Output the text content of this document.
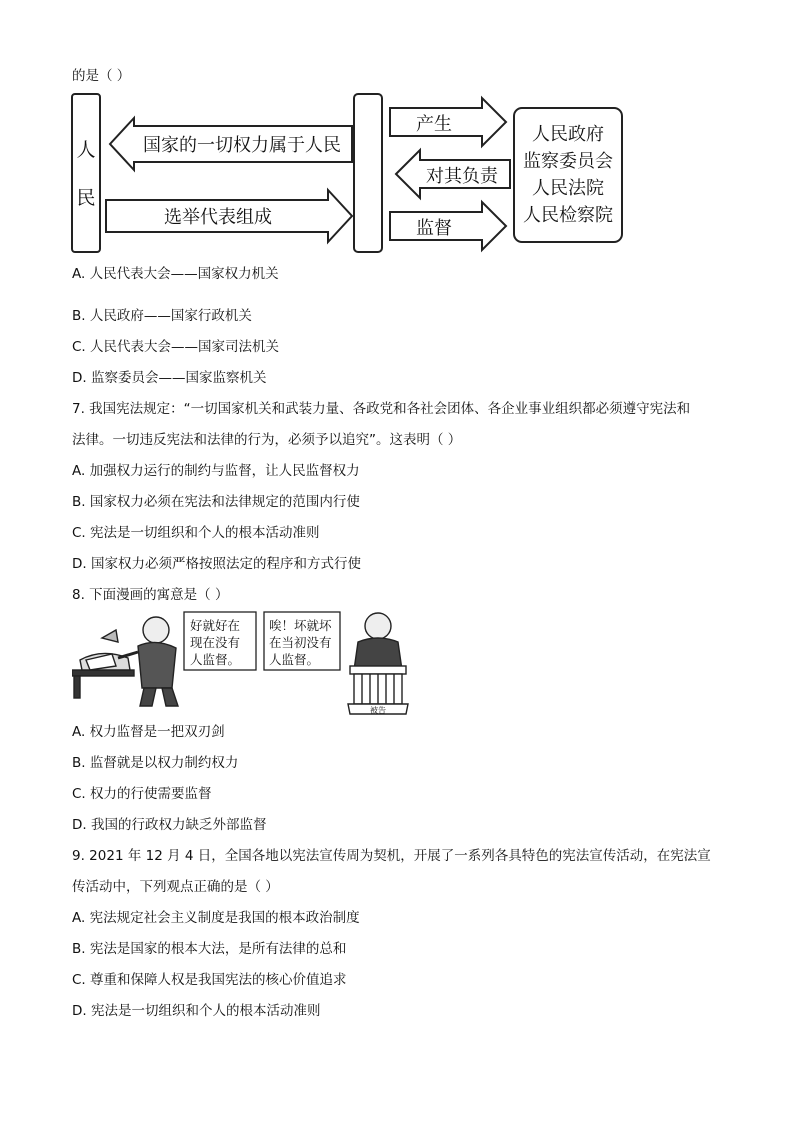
的是（ ）
人
民
国家的一切权力属于人民
选举代表组成
产生
对其负责
监督
人民政府
监察委员会
人民法院
人民检察院
A. 人民代表大会——国家权力机关
B. 人民政府——国家行政机关
C. 人民代表大会——国家司法机关
D. 监察委员会——国家监察机关
7. 我国宪法规定：“一切国家机关和武装力量、各政党和各社会团体、各企业事业组织都必须遵守宪法和
法律。一切违反宪法和法律的行为，必须予以追究”。这表明（ ）
A. 加强权力运行的制约与监督，让人民监督权力
B. 国家权力必须在宪法和法律规定的范围内行使
C. 宪法是一切组织和个人的根本活动准则
D. 国家权力必须严格按照法定的程序和方式行使
8. 下面漫画的寓意是（ ）
好就好在
现在没有
人监督。
唉！坏就坏
在当初没有
人监督。
被告
A. 权力监督是一把双刃剑
B. 监督就是以权力制约权力
C. 权力的行使需要监督
D. 我国的行政权力缺乏外部监督
9. 2021 年 12 月 4 日，全国各地以宪法宣传周为契机，开展了一系列各具特色的宪法宣传活动，在宪法宣
传活动中，下列观点正确的是（ ）
A. 宪法规定社会主义制度是我国的根本政治制度
B. 宪法是国家的根本大法，是所有法律的总和
C. 尊重和保障人权是我国宪法的核心价值追求
D. 宪法是一切组织和个人的根本活动准则
